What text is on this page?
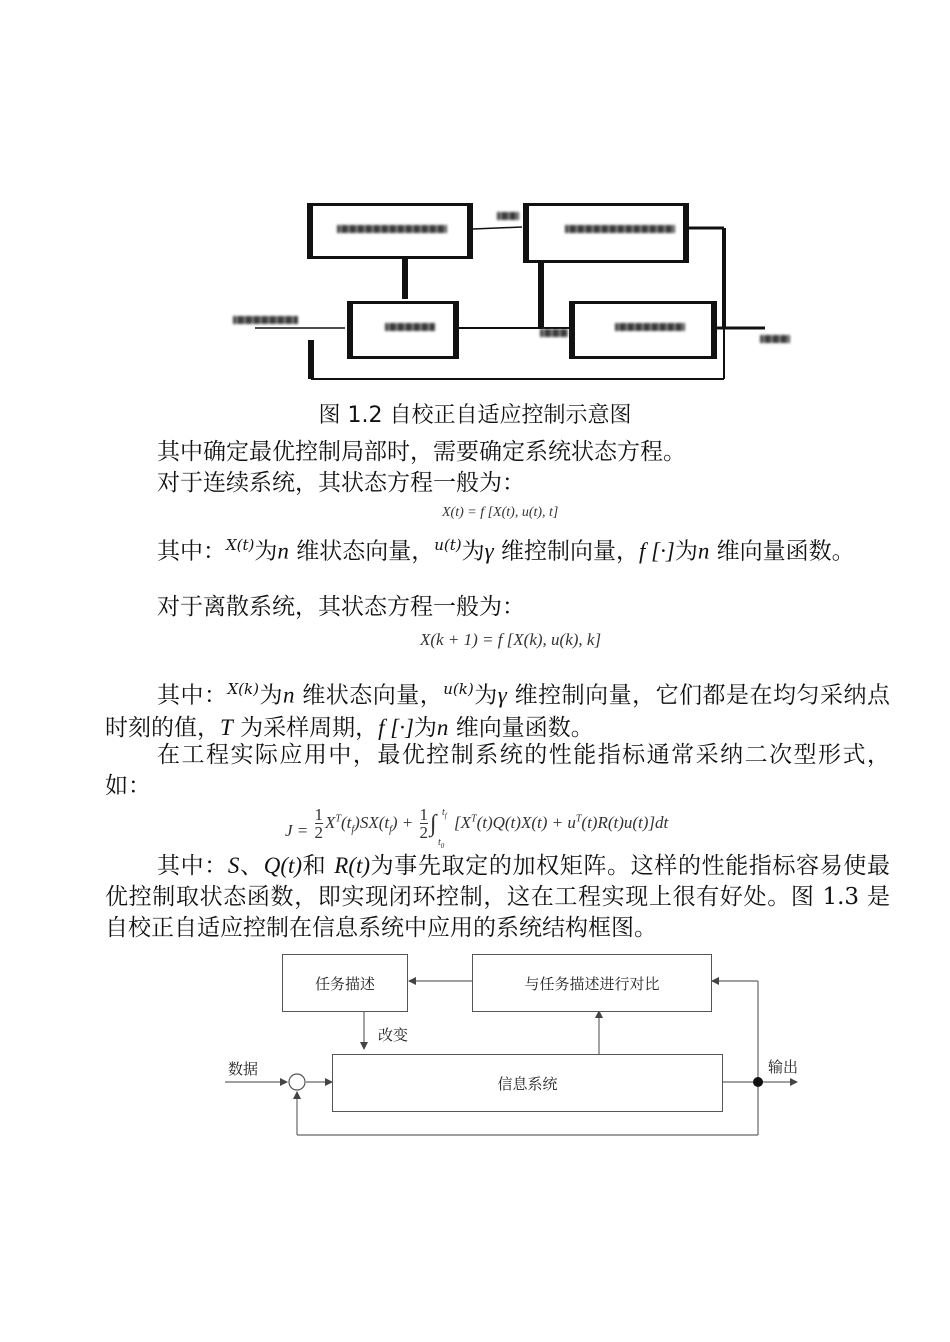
图 1.2 自校正自适应控制示意图
其中确定最优控制局部时，需要确定系统状态方程。
对于连续系统，其状态方程一般为：
X(t) = f [X(t), u(t), t]
其中：$^{X(t)}$为n 维状态向量，$^{u(t)}$为γ 维控制向量，f [·]为n 维向量函数。
对于离散系统，其状态方程一般为：
X(k + 1) = f [X(k), u(k), k]
其中：$^{X(k)}$为n 维状态向量，$^{u(k)}$为γ 维控制向量，它们都是在均匀采纳点时刻的值，T 为采样周期，f [·]为n 维向量函数。
在工程实际应用中，最优控制系统的性能指标通常采纳二次型形式，如：
$J = \frac{1}{2} X^T(t_f)SX(t_f) + \frac{1}{2}$ ∫ $t_f$
$t_0$
$[X^T(t)Q(t)X(t) + u^T(t)R(t)u(t)]dt$
其中：S、Q(t)和 R(t)为事先取定的加权矩阵。这样的性能指标容易使最优控制取状态函数，即实现闭环控制，这在工程实现上很有好处。图 1.3 是自校正自适应控制在信息系统中应用的系统结构框图。
任务描述	与任务描述进行对比
信息系统
改变
数据	输出
